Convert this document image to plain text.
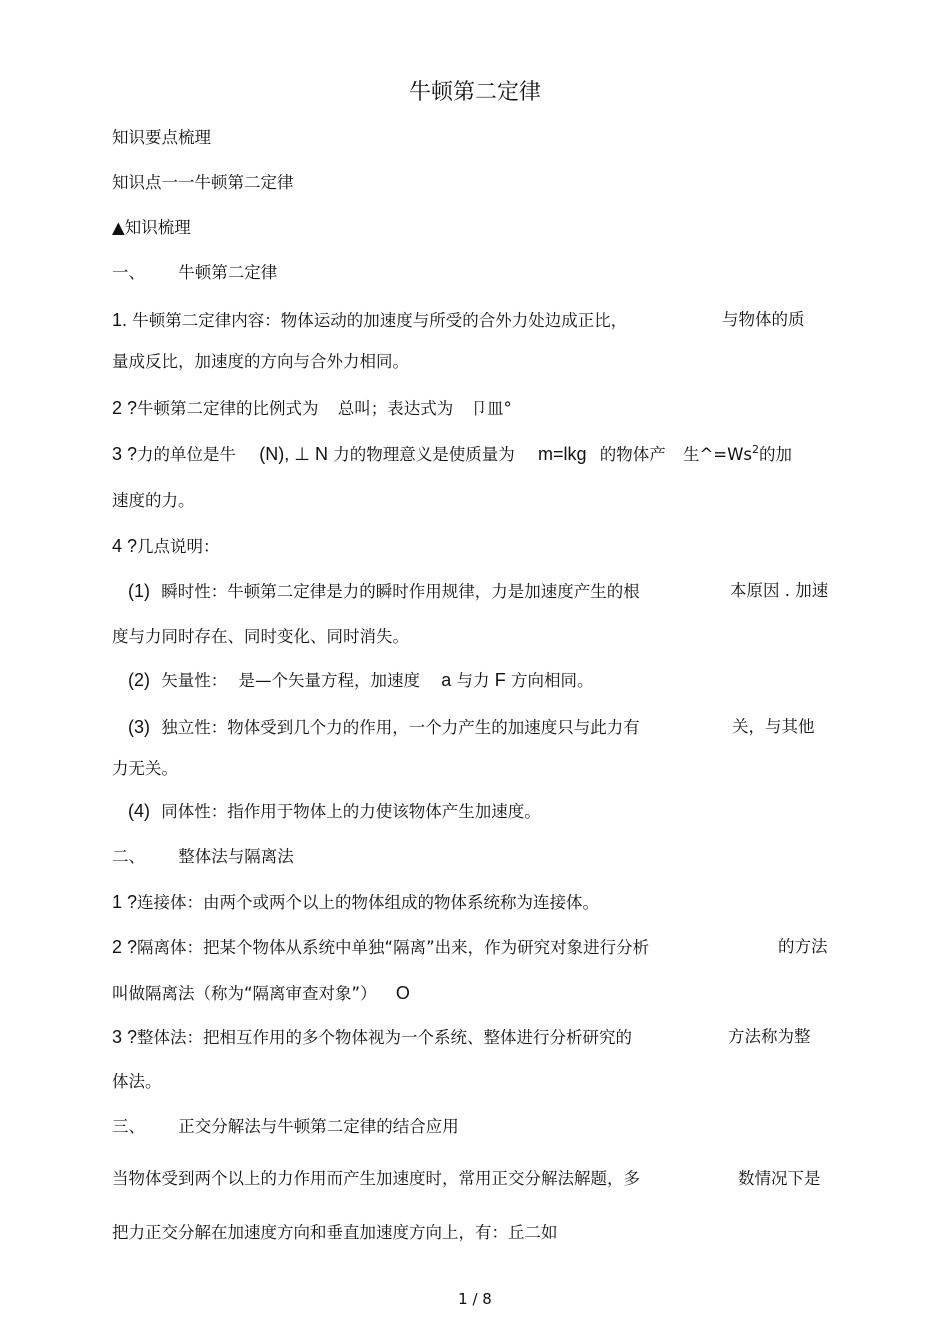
牛顿第二定律
知识要点梳理
知识点一一牛顿第二定律
▲知识梳理
一、 牛顿第二定律
1. 牛顿第二定律内容：物体运动的加速度与所受的合外力处边成正比，	与物体的质
量成反比，加速度的方向与合外力相同。
2 ?牛顿第二定律的比例式为 总叫；表达式为 卩皿°
3 ?力的单位是牛 (N), ⊥ N 力的物理意义是使质量为 m=lkg 的物体产 生$\^{}=Ws^2$的加
速度的力。
4 ?几点说明：
(1) 瞬时性：牛顿第二定律是力的瞬时作用规律，力是加速度产生的根	本原因 . 加速
度与力同时存在、同时变化、同时消失。
(2) 矢量性： 是—个矢量方程，加速度 a 与力 F 方向相同。
(3) 独立性：物体受到几个力的作用，一个力产生的加速度只与此力有	关，与其他
力无关。
(4) 同体性：指作用于物体上的力使该物体产生加速度。
二、 整体法与隔离法
1 ?连接体：由两个或两个以上的物体组成的物体系统称为连接体。
2 ?隔离体：把某个物体从系统中单独“隔离”出来，作为研究对象进行分析	的方法
叫做隔离法（称为“隔离审查对象”） O
3 ?整体法：把相互作用的多个物体视为一个系统、整体进行分析研究的	方法称为整
体法。
三、 正交分解法与牛顿第二定律的结合应用
当物体受到两个以上的力作用而产生加速度时，常用正交分解法解题，多	数情况下是
把力正交分解在加速度方向和垂直加速度方向上，有：丘二如
1 / 8
